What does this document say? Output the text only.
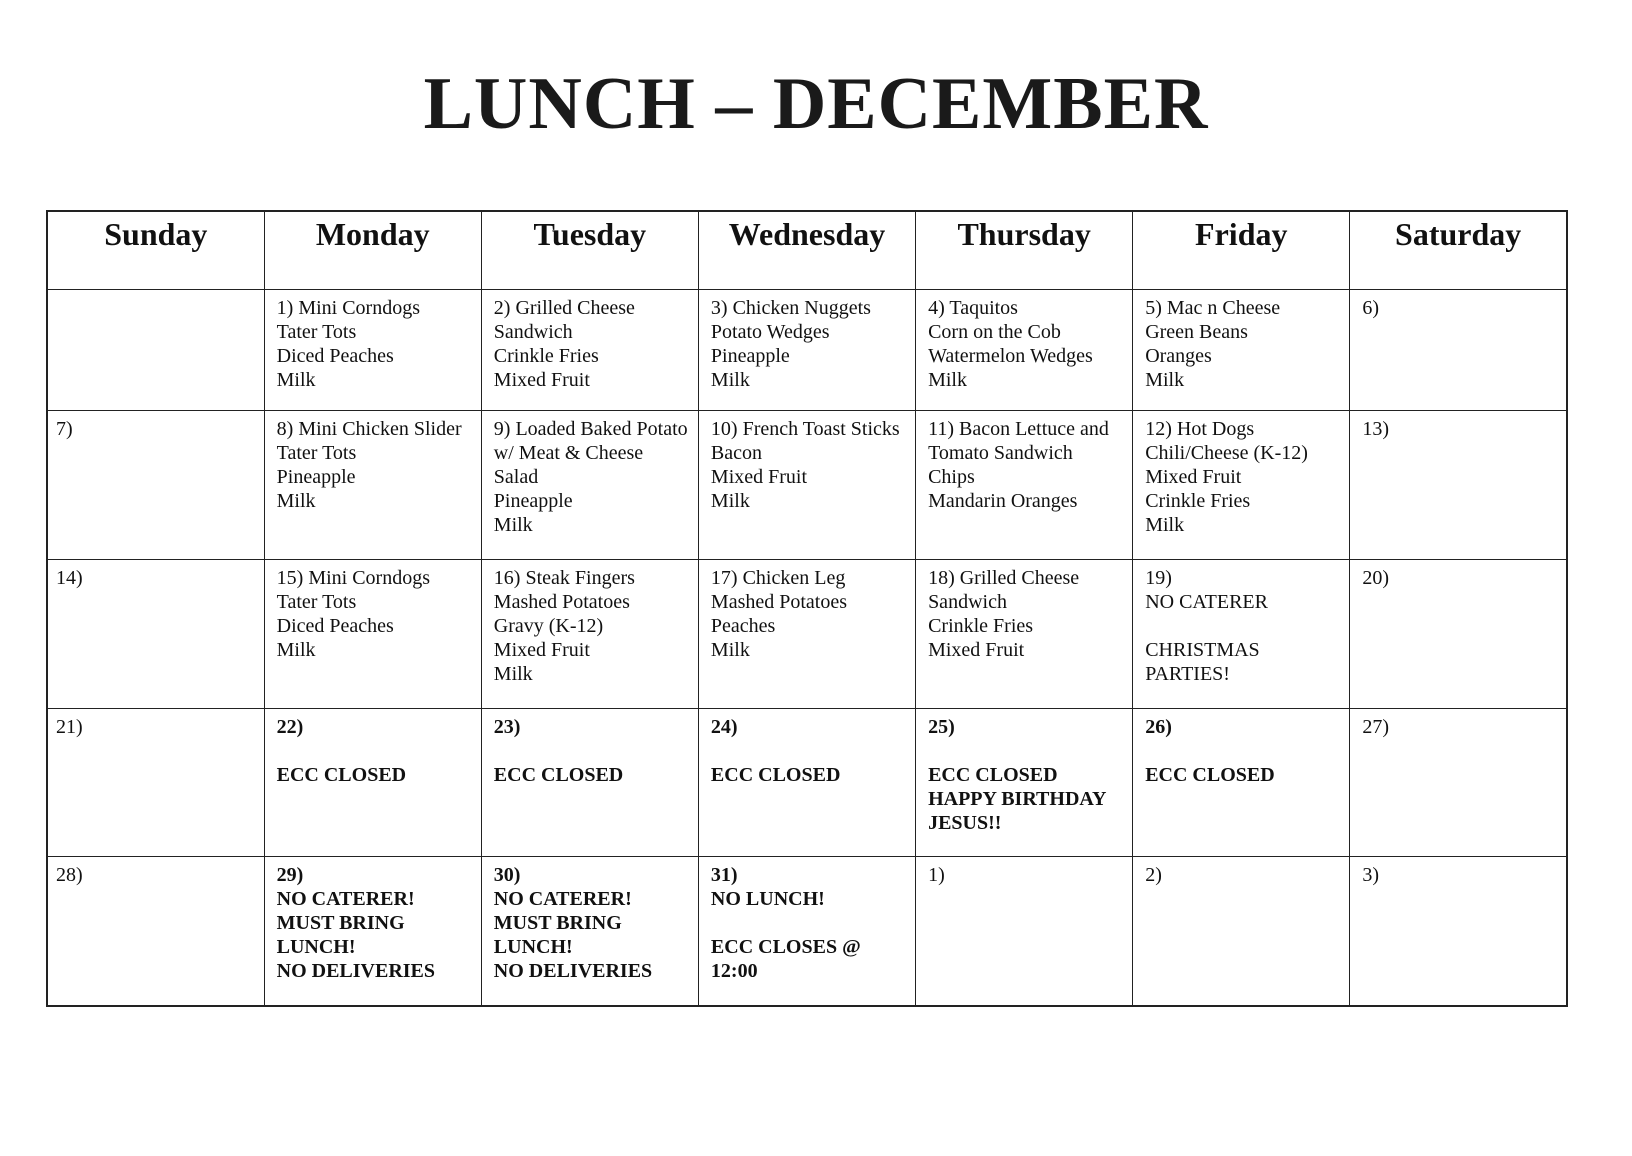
LUNCH – DECEMBER
Sunday	Monday	Tuesday	Wednesday	Thursday	Friday	Saturday

	1) Mini Corndogs
Tater Tots
Diced Peaches
Milk	2) Grilled Cheese
Sandwich
Crinkle Fries
Mixed Fruit	3) Chicken Nuggets
Potato Wedges
Pineapple
Milk	4) Taquitos
Corn on the Cob
Watermelon Wedges
Milk	5) Mac n Cheese
Green Beans
Oranges
Milk	6)

7)	8) Mini Chicken Slider
Tater Tots
Pineapple
Milk	9) Loaded Baked Potato
w/ Meat & Cheese
Salad
Pineapple
Milk	10) French Toast Sticks
Bacon
Mixed Fruit
Milk	11) Bacon Lettuce and
Tomato Sandwich
Chips
Mandarin Oranges	12) Hot Dogs
Chili/Cheese (K-12)
Mixed Fruit
Crinkle Fries
Milk	13)

14)	15) Mini Corndogs
Tater Tots
Diced Peaches
Milk	16) Steak Fingers
Mashed Potatoes
Gravy (K-12)
Mixed Fruit
Milk	17) Chicken Leg
Mashed Potatoes
Peaches
Milk	18) Grilled Cheese
Sandwich
Crinkle Fries
Mixed Fruit	19)
NO CATERER
CHRISTMAS
PARTIES!	20)

21)	22)
ECC CLOSED	23)
ECC CLOSED	24)
ECC CLOSED	25)
ECC CLOSED
HAPPY BIRTHDAY
JESUS!!	26)
ECC CLOSED	27)

28)	29)
NO CATERER!
MUST BRING
LUNCH!
NO DELIVERIES	30)
NO CATERER!
MUST BRING
LUNCH!
NO DELIVERIES	31)
NO LUNCH!
ECC CLOSES @
12:00	1)	2)	3)
